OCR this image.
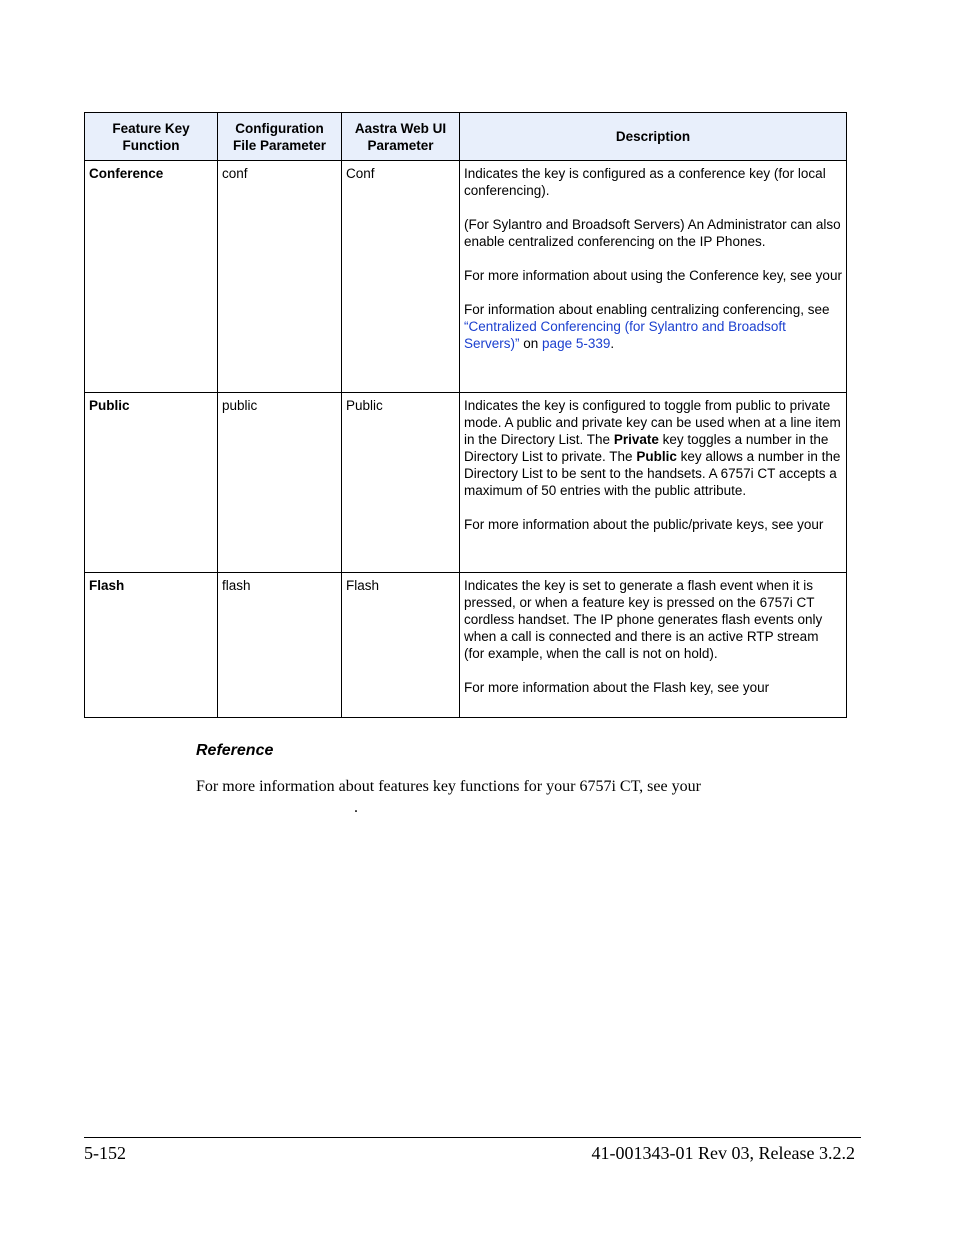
Feature Key Function	Configuration File Parameter	Aastra Web UI Parameter	Description
Conference	conf	Conf	Indicates the key is configured as a conference key (for local conferencing).

(For Sylantro and Broadsoft Servers) An Administrator can also enable centralized conferencing on the IP Phones.

For more information about using the Conference key, see your

For information about enabling centralizing conferencing, see “Centralized Conferencing (for Sylantro and Broadsoft Servers)” on page 5-339.

Public	public	Public	Indicates the key is configured to toggle from public to private mode. A public and private key can be used when at a line item in the Directory List. The Private key toggles a number in the Directory List to private. The Public key allows a number in the Directory List to be sent to the handsets. A 6757i CT accepts a maximum of 50 entries with the public attribute.

For more information about the public/private keys, see your

Flash	flash	Flash	Indicates the key is set to generate a flash event when it is pressed, or when a feature key is pressed on the 6757i CT cordless handset. The IP phone generates flash events only when a call is connected and there is an active RTP stream (for example, when the call is not on hold).

For more information about the Flash key, see your

Reference
For more information about features key functions for your 6757i CT, see your
.
5-152	41-001343-01 Rev 03, Release 3.2.2
